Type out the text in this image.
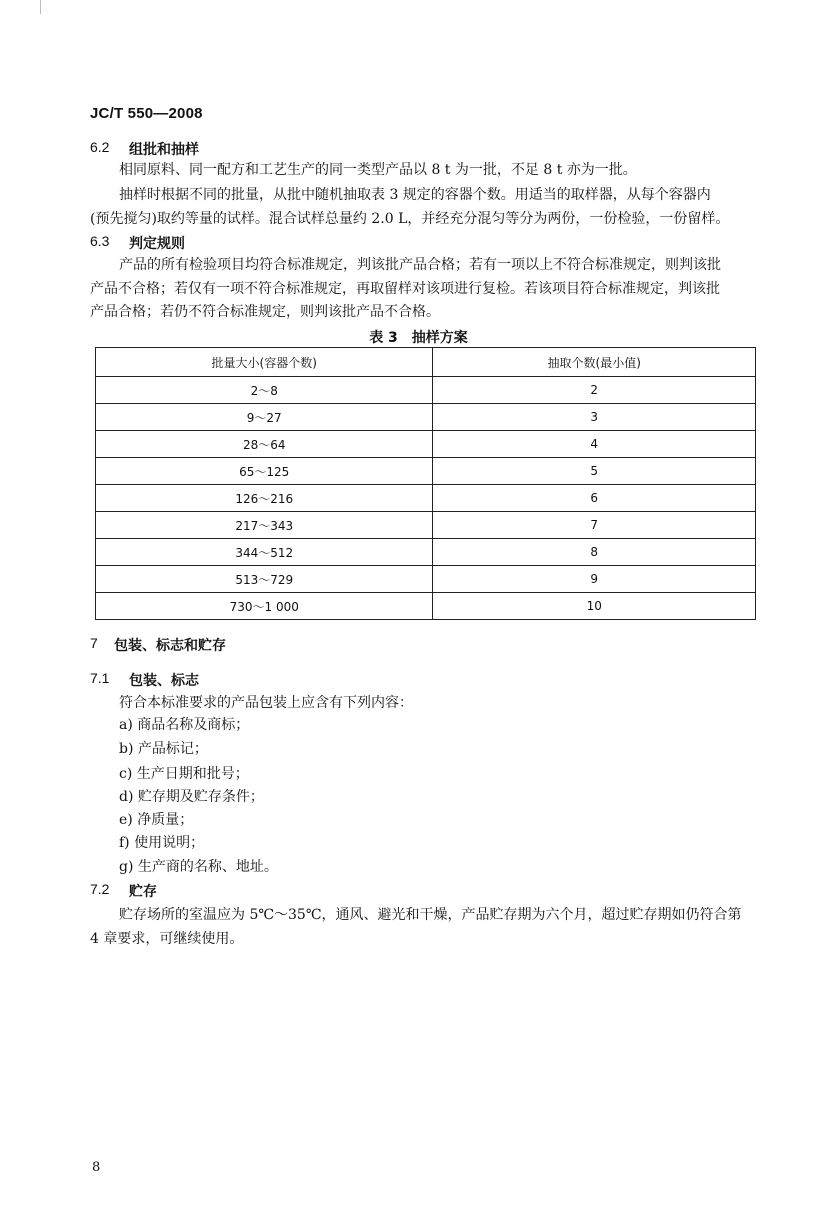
JC/T 550—2008
6.2 组批和抽样
相同原料、同一配方和工艺生产的同一类型产品以 8 t 为一批，不足 8 t 亦为一批。
抽样时根据不同的批量，从批中随机抽取表 3 规定的容器个数。用适当的取样器，从每个容器内
(预先搅匀)取约等量的试样。混合试样总量约 2.0 L，并经充分混匀等分为两份，一份检验，一份留样。
6.3 判定规则
产品的所有检验项目均符合标准规定，判该批产品合格；若有一项以上不符合标准规定，则判该批
产品不合格；若仅有一项不符合标准规定，再取留样对该项进行复检。若该项目符合标准规定，判该批
产品合格；若仍不符合标准规定，则判该批产品不合格。
表 3　抽样方案
批量大小(容器个数)	抽取个数(最小值)
2～8	2
9～27	3
28～64	4
65～125	5
126～216	6
217～343	7
344～512	8
513～729	9
730～1 000	10
7 包装、标志和贮存
7.1 包装、标志
符合本标准要求的产品包装上应含有下列内容：
a) 商品名称及商标；
b) 产品标记；
c) 生产日期和批号；
d) 贮存期及贮存条件；
e) 净质量；
f) 使用说明；
g) 生产商的名称、地址。
7.2 贮存
贮存场所的室温应为 5℃～35℃，通风、避光和干燥，产品贮存期为六个月，超过贮存期如仍符合第
4 章要求，可继续使用。
8
